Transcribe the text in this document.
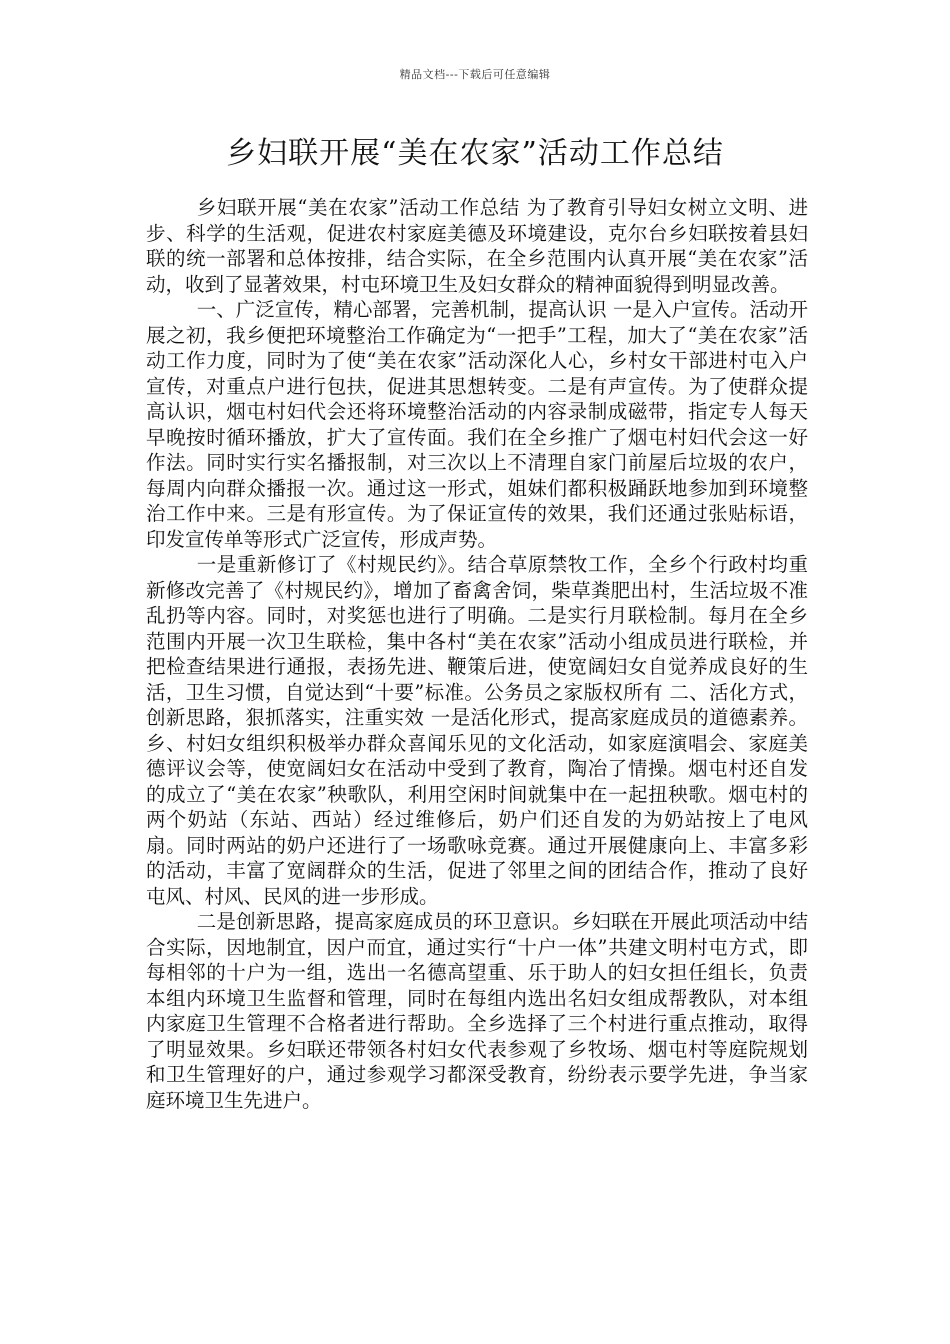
精品文档---下载后可任意编辑
乡妇联开展“美在农家”活动工作总结

乡妇联开展“美在农家”活动工作总结 为了教育引导妇女树立文明、进步、科学的生活观，促进农村家庭美德及环境建设，克尔台乡妇联按着县妇联的统一部署和总体按排，结合实际，在全乡范围内认真开展“美在农家”活动，收到了显著效果，村屯环境卫生及妇女群众的精神面貌得到明显改善。

一、广泛宣传，精心部署，完善机制，提高认识 一是入户宣传。活动开展之初，我乡便把环境整治工作确定为“一把手”工程，加大了“美在农家”活动工作力度，同时为了使“美在农家”活动深化人心，乡村女干部进村屯入户宣传，对重点户进行包扶，促进其思想转变。二是有声宣传。为了使群众提高认识，烟屯村妇代会还将环境整治活动的内容录制成磁带，指定专人每天早晚按时循环播放，扩大了宣传面。我们在全乡推广了烟屯村妇代会这一好作法。同时实行实名播报制，对三次以上不清理自家门前屋后垃圾的农户，每周内向群众播报一次。通过这一形式，姐妹们都积极踊跃地参加到环境整治工作中来。三是有形宣传。为了保证宣传的效果，我们还通过张贴标语，印发宣传单等形式广泛宣传，形成声势。

一是重新修订了《村规民约》。结合草原禁牧工作，全乡个行政村均重新修改完善了《村规民约》，增加了畜禽舍饲，柴草粪肥出村，生活垃圾不准乱扔等内容。同时，对奖惩也进行了明确。二是实行月联检制。每月在全乡范围内开展一次卫生联检，集中各村“美在农家”活动小组成员进行联检，并把检查结果进行通报，表扬先进、鞭策后进，使宽阔妇女自觉养成良好的生活，卫生习惯，自觉达到“十要”标准。公务员之家版权所有 二、活化方式，创新思路，狠抓落实，注重实效 一是活化形式，提高家庭成员的道德素养。乡、村妇女组织积极举办群众喜闻乐见的文化活动，如家庭演唱会、家庭美德评议会等，使宽阔妇女在活动中受到了教育，陶冶了情操。烟屯村还自发的成立了“美在农家”秧歌队，利用空闲时间就集中在一起扭秧歌。烟屯村的两个奶站（东站、西站）经过维修后，奶户们还自发的为奶站按上了电风扇。同时两站的奶户还进行了一场歌咏竞赛。通过开展健康向上、丰富多彩的活动，丰富了宽阔群众的生活，促进了邻里之间的团结合作，推动了良好屯风、村风、民风的进一步形成。

二是创新思路，提高家庭成员的环卫意识。乡妇联在开展此项活动中结合实际，因地制宜，因户而宜，通过实行“十户一体”共建文明村屯方式，即每相邻的十户为一组，选出一名德高望重、乐于助人的妇女担任组长，负责本组内环境卫生监督和管理，同时在每组内选出名妇女组成帮教队，对本组内家庭卫生管理不合格者进行帮助。全乡选择了三个村进行重点推动，取得了明显效果。乡妇联还带领各村妇女代表参观了乡牧场、烟屯村等庭院规划和卫生管理好的户，通过参观学习都深受教育，纷纷表示要学先进，争当家庭环境卫生先进户。
